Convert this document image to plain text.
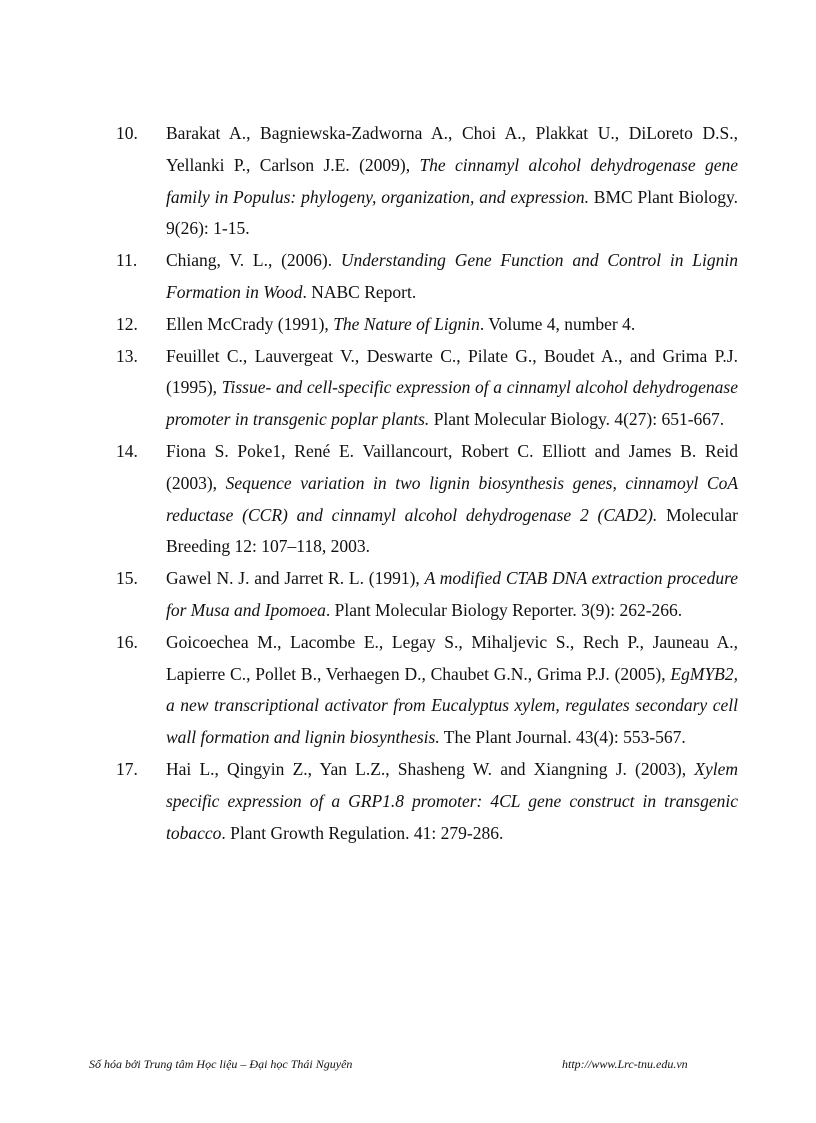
10.	Barakat A., Bagniewska-Zadworna A., Choi A., Plakkat U., DiLoreto D.S., Yellanki P., Carlson J.E. (2009), The cinnamyl alcohol dehydrogenase gene family in Populus: phylogeny, organization, and expression. BMC Plant Biology. 9(26): 1-15.
11.	Chiang, V. L., (2006). Understanding Gene Function and Control in Lignin Formation in Wood. NABC Report.
12.	Ellen McCrady (1991), The Nature of Lignin. Volume 4, number 4.
13.	Feuillet C., Lauvergeat V., Deswarte C., Pilate G., Boudet A., and Grima P.J. (1995), Tissue- and cell-specific expression of a cinnamyl alcohol dehydrogenase promoter in transgenic poplar plants. Plant Molecular Biology. 4(27): 651-667.
14.	Fiona S. Poke1, René E. Vaillancourt, Robert C. Elliott and James B. Reid (2003), Sequence variation in two lignin biosynthesis genes, cinnamoyl CoA reductase (CCR) and cinnamyl alcohol dehydrogenase 2 (CAD2). Molecular Breeding 12: 107–118, 2003.
15.	Gawel N. J. and Jarret R. L. (1991), A modified CTAB DNA extraction procedure for Musa and Ipomoea. Plant Molecular Biology Reporter. 3(9): 262-266.
16.	Goicoechea M., Lacombe E., Legay S., Mihaljevic S., Rech P., Jauneau A., Lapierre C., Pollet B., Verhaegen D., Chaubet G.N., Grima P.J. (2005), EgMYB2, a new transcriptional activator from Eucalyptus xylem, regulates secondary cell wall formation and lignin biosynthesis. The Plant Journal. 43(4): 553-567.
17.	Hai L., Qingyin Z., Yan L.Z., Shasheng W. and Xiangning J. (2003), Xylem specific expression of a GRP1.8 promoter: 4CL gene construct in transgenic tobacco. Plant Growth Regulation. 41: 279-286.
Số hóa bởi Trung tâm Học liệu – Đại học Thái Nguyên	http://www.Lrc-tnu.edu.vn
